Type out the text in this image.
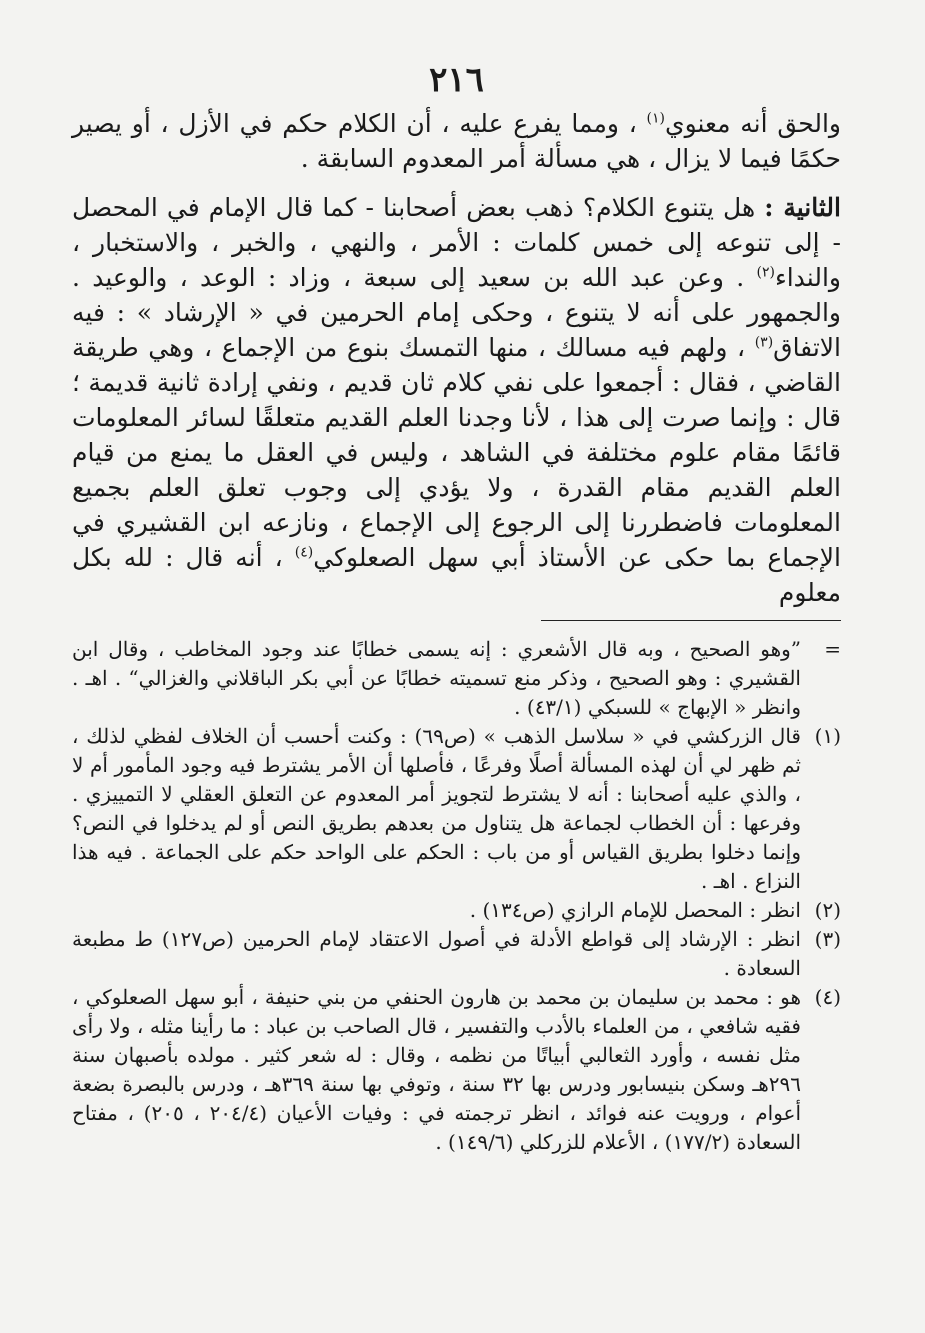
٢١٦

والحق أنه معنوي$^{(١)}$ ، ومما يفرع عليه ، أن الكلام حكم في الأزل ، أو يصير حكمًا فيما لا يزال ، هي مسألة أمر المعدوم السابقة .

الثانية : هل يتنوع الكلام؟ ذهب بعض أصحابنا - كما قال الإمام في المحصل - إلى تنوعه إلى خمس كلمات : الأمر ، والنهي ، والخبر ، والاستخبار ، والنداء$^{(٢)}$ . وعن عبد الله بن سعيد إلى سبعة ، وزاد : الوعد ، والوعيد . والجمهور على أنه لا يتنوع ، وحكى إمام الحرمين في « الإرشاد » : فيه الاتفاق$^{(٣)}$ ، ولهم فيه مسالك ، منها التمسك بنوع من الإجماع ، وهي طريقة القاضي ، فقال : أجمعوا على نفي كلام ثان قديم ، ونفي إرادة ثانية قديمة ؛ قال : وإنما صرت إلى هذا ، لأنا وجدنا العلم القديم متعلقًا لسائر المعلومات قائمًا مقام علوم مختلفة في الشاهد ، وليس في العقل ما يمنع من قيام العلم القديم مقام القدرة ، ولا يؤدي إلى وجوب تعلق العلم بجميع المعلومات فاضطررنا إلى الرجوع إلى الإجماع ، ونازعه ابن القشيري في الإجماع بما حكى عن الأستاذ أبي سهل الصعلوكي$^{(٤)}$ ، أنه قال : لله بكل معلوم

=
”وهو الصحيح ، وبه قال الأشعري : إنه يسمى خطابًا عند وجود المخاطب ، وقال ابن القشيري : وهو الصحيح ، وذكر منع تسميته خطابًا عن أبي بكر الباقلاني والغزالي“ . اهـ . وانظر « الإبهاج » للسبكي (٤٣/١) .
(١)
قال الزركشي في « سلاسل الذهب » (ص٦٩) : وكنت أحسب أن الخلاف لفظي لذلك ، ثم ظهر لي أن لهذه المسألة أصلًا وفرعًا ، فأصلها أن الأمر يشترط فيه وجود المأمور أم لا ، والذي عليه أصحابنا : أنه لا يشترط لتجويز أمر المعدوم عن التعلق العقلي لا التمييزي . وفرعها : أن الخطاب لجماعة هل يتناول من بعدهم بطريق النص أو لم يدخلوا في النص؟ وإنما دخلوا بطريق القياس أو من باب : الحكم على الواحد حكم على الجماعة . فيه هذا النزاع . اهـ .
(٢)
انظر : المحصل للإمام الرازي (ص١٣٤) .
(٣)
انظر : الإرشاد إلى قواطع الأدلة في أصول الاعتقاد لإمام الحرمين (ص١٢٧) ط مطبعة السعادة .
(٤)
هو : محمد بن سليمان بن محمد بن هارون الحنفي من بني حنيفة ، أبو سهل الصعلوكي ، فقيه شافعي ، من العلماء بالأدب والتفسير ، قال الصاحب بن عباد : ما رأينا مثله ، ولا رأى مثل نفسه ، وأورد الثعالبي أبياتًا من نظمه ، وقال : له شعر كثير . مولده بأصبهان سنة ٢٩٦هـ وسكن بنيسابور ودرس بها ٣٢ سنة ، وتوفي بها سنة ٣٦٩هـ ، ودرس بالبصرة بضعة أعوام ، ورويت عنه فوائد ، انظر ترجمته في : وفيات الأعيان (٢٠٤/٤ ، ٢٠٥) ، مفتاح السعادة (١٧٧/٢) ، الأعلام للزركلي (١٤٩/٦) .
